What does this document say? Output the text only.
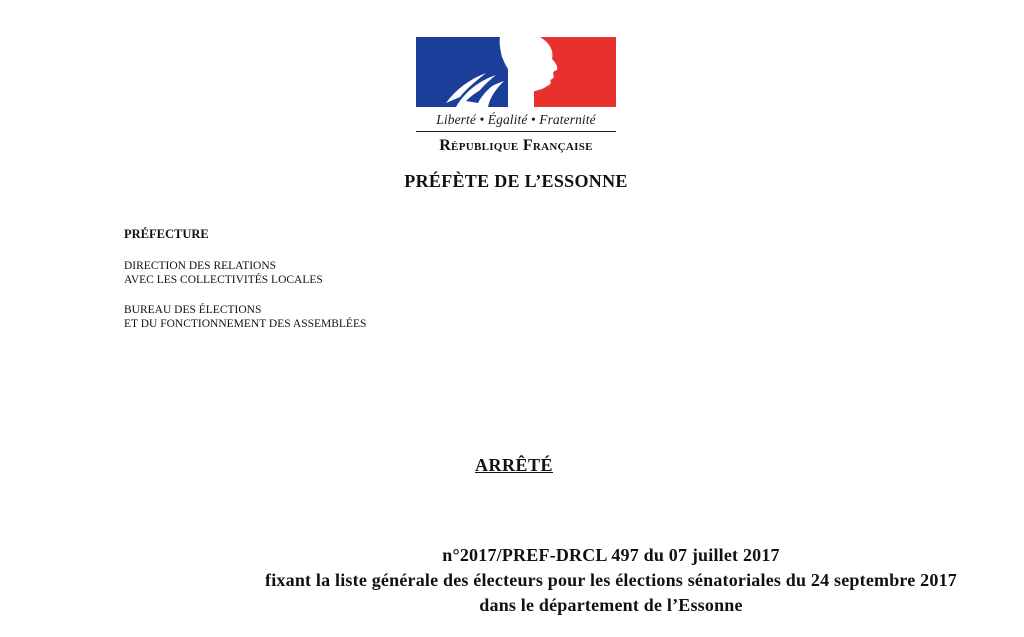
Liberté • Égalité • Fraternité
République Française
PRÉFÈTE DE L’ESSONNE
PRÉFECTURE
DIRECTION DES RELATIONS
AVEC LES COLLECTIVITÉS LOCALES
BUREAU DES ÉLECTIONS
ET DU FONCTIONNEMENT DES ASSEMBLÉES
ARRÊTÉ
n°2017/PREF-DRCL 497 du 07 juillet 2017
fixant la liste générale des électeurs pour les élections sénatoriales du 24 septembre 2017
dans le département de l’Essonne
